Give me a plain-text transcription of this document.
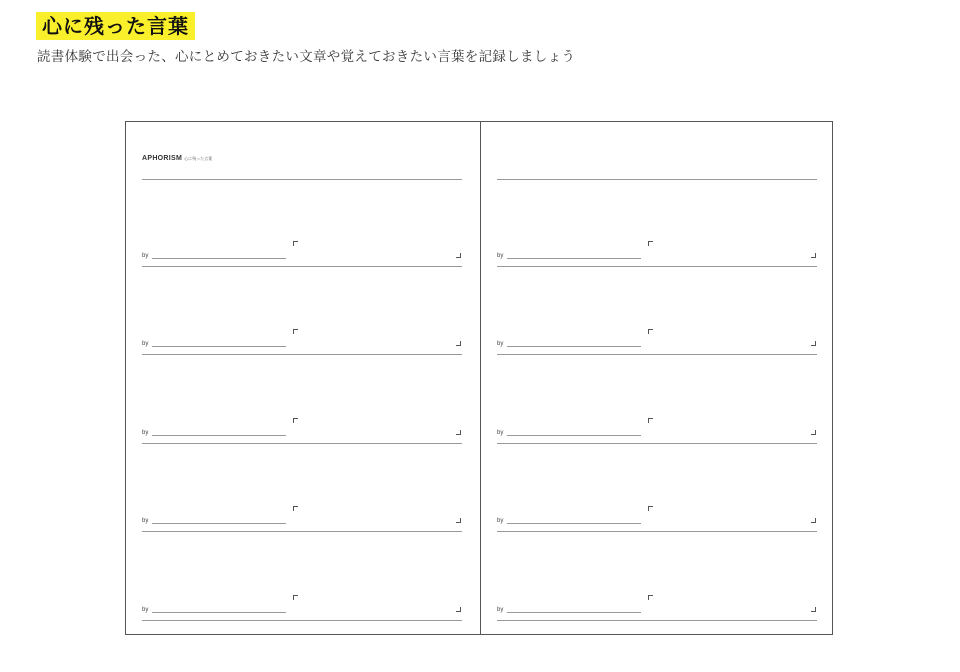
心に残った言葉
読書体験で出会った、心にとめておきたい文章や覚えておきたい言葉を記録しましょう
APHORISM 心に残った言葉
by
by
by
by
by
by
by
by
by
by
